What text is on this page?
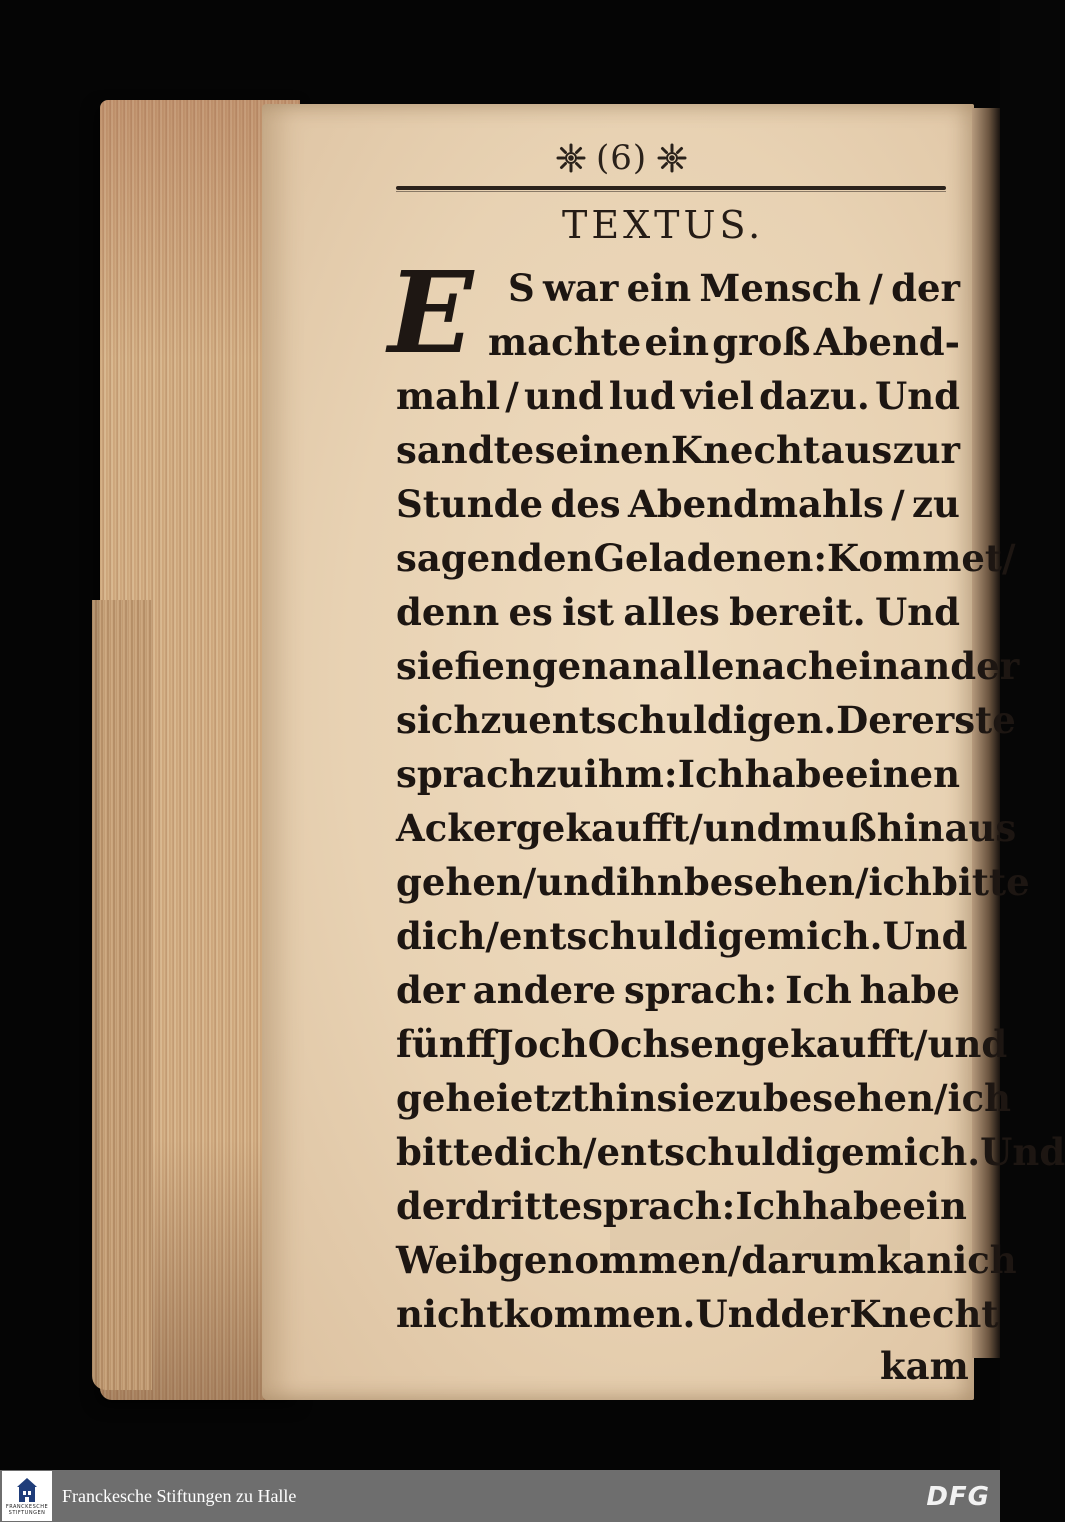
(6)
TEXTUS.
E S war ein Mensch / der
machte ein groß Abend-
mahl / und lud viel dazu. Und
sandte seinen Knecht aus zur
Stunde des Abendmahls / zu
sagen den Geladenen: Kommet/
denn es ist alles bereit. Und
sie fiengen an alle nach einander
sich zu entschuldigen. Der erste
sprach zu ihm: Ich habe einen
Acker gekaufft/ und muß hinaus
gehen/ und ihn besehen/ ich bitte
dich / entschuldige mich. Und
der andere sprach: Ich habe
fünff Joch Ochsen gekaufft / und
gehe ietzt hin sie zu besehen / ich
bitte dich/ entschuldige mich. Und
der dritte sprach: Ich habe ein
Weib genommen/ darum kan ich
nicht kommen. Und der Knecht
kam
FRANCKESCHE STIFTUNGEN
Franckesche Stiftungen zu Halle	DFG
